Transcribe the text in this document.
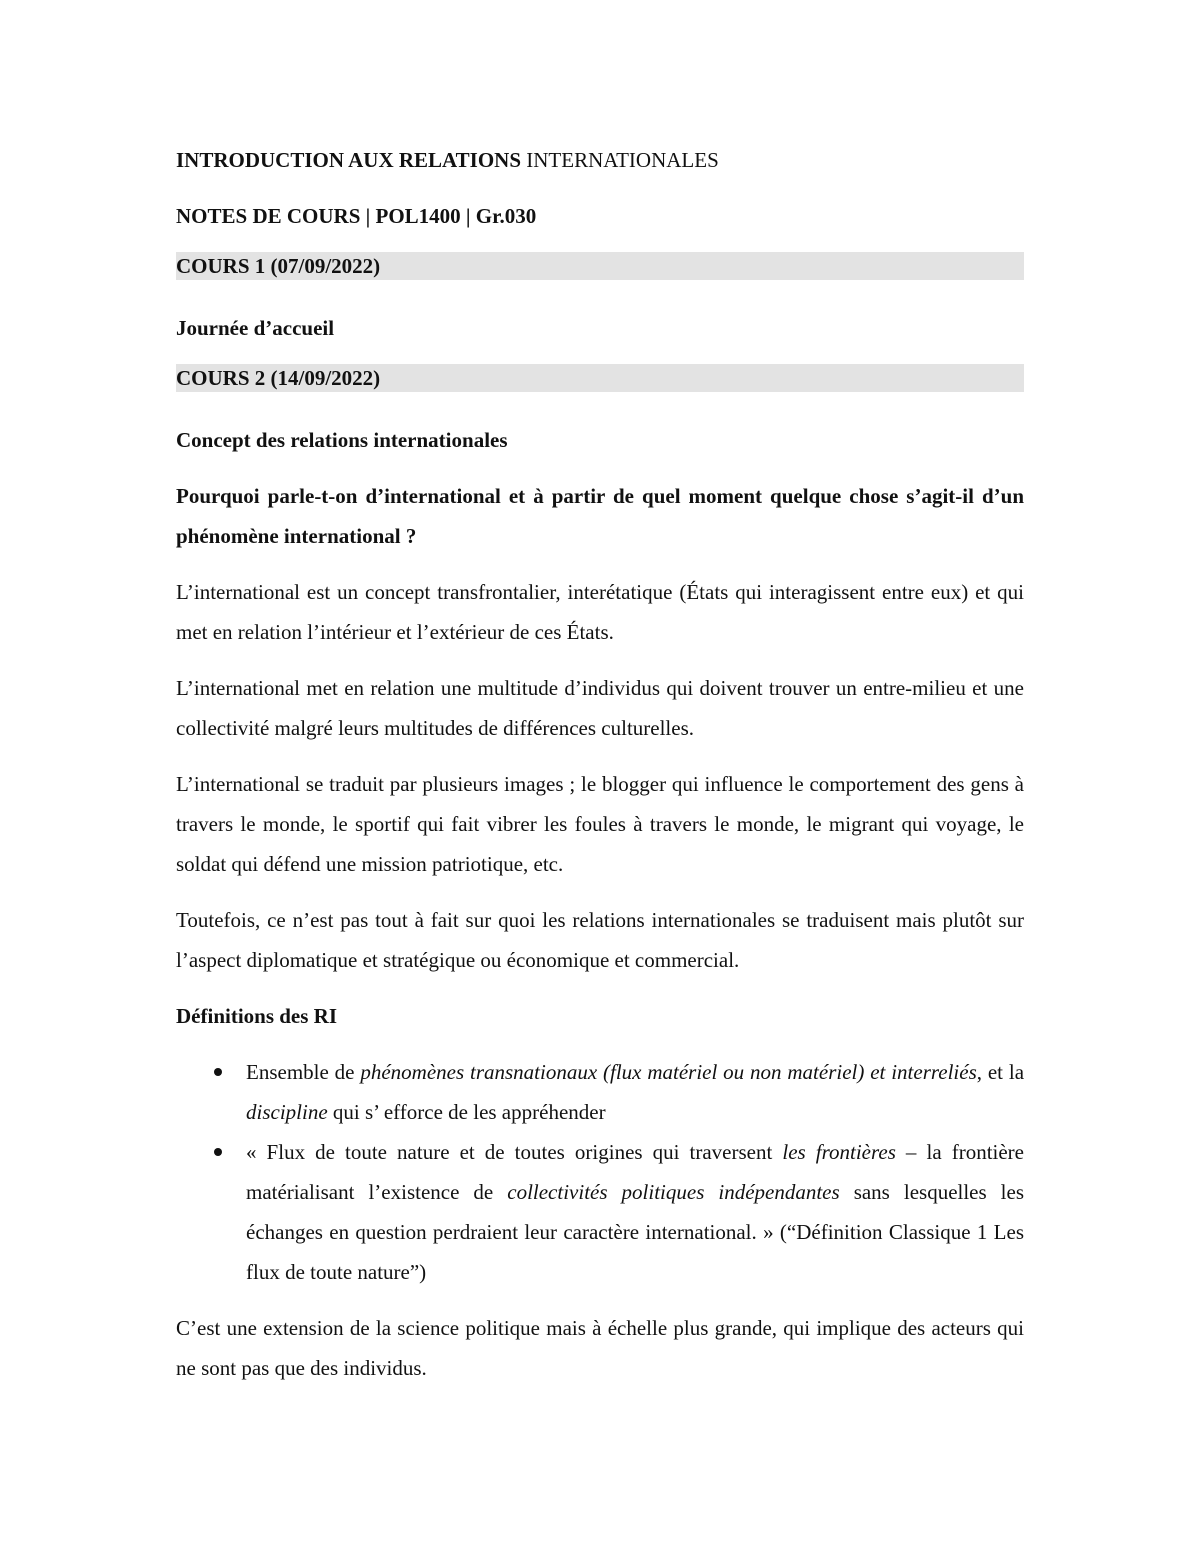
INTRODUCTION AUX RELATIONS INTERNATIONALES

NOTES DE COURS | POL1400 | Gr.030

COURS 1 (07/09/2022)

Journée d’accueil

COURS 2 (14/09/2022)

Concept des relations internationales

Pourquoi parle-t-on d’international et à partir de quel moment quelque chose s’agit-il d’un phénomène international ?

L’international est un concept transfrontalier, interétatique (États qui interagissent entre eux) et qui met en relation l’intérieur et l’extérieur de ces États.

L’international met en relation une multitude d’individus qui doivent trouver un entre-milieu et une collectivité malgré leurs multitudes de différences culturelles.

L’international se traduit par plusieurs images ; le blogger qui influence le comportement des gens à travers le monde, le sportif qui fait vibrer les foules à travers le monde, le migrant qui voyage, le soldat qui défend une mission patriotique, etc.

Toutefois, ce n’est pas tout à fait sur quoi les relations internationales se traduisent mais plutôt sur l’aspect diplomatique et stratégique ou économique et commercial.

Définitions des RI

Ensemble de phénomènes transnationaux (flux matériel ou non matériel) et interreliés, et la discipline qui s’ efforce de les appréhender
« Flux de toute nature et de toutes origines qui traversent les frontières – la frontière matérialisant l’existence de collectivités politiques indépendantes sans lesquelles les échanges en question perdraient leur caractère international. » (“Définition Classique 1 Les flux de toute nature”)

C’est une extension de la science politique mais à échelle plus grande, qui implique des acteurs qui ne sont pas que des individus.
